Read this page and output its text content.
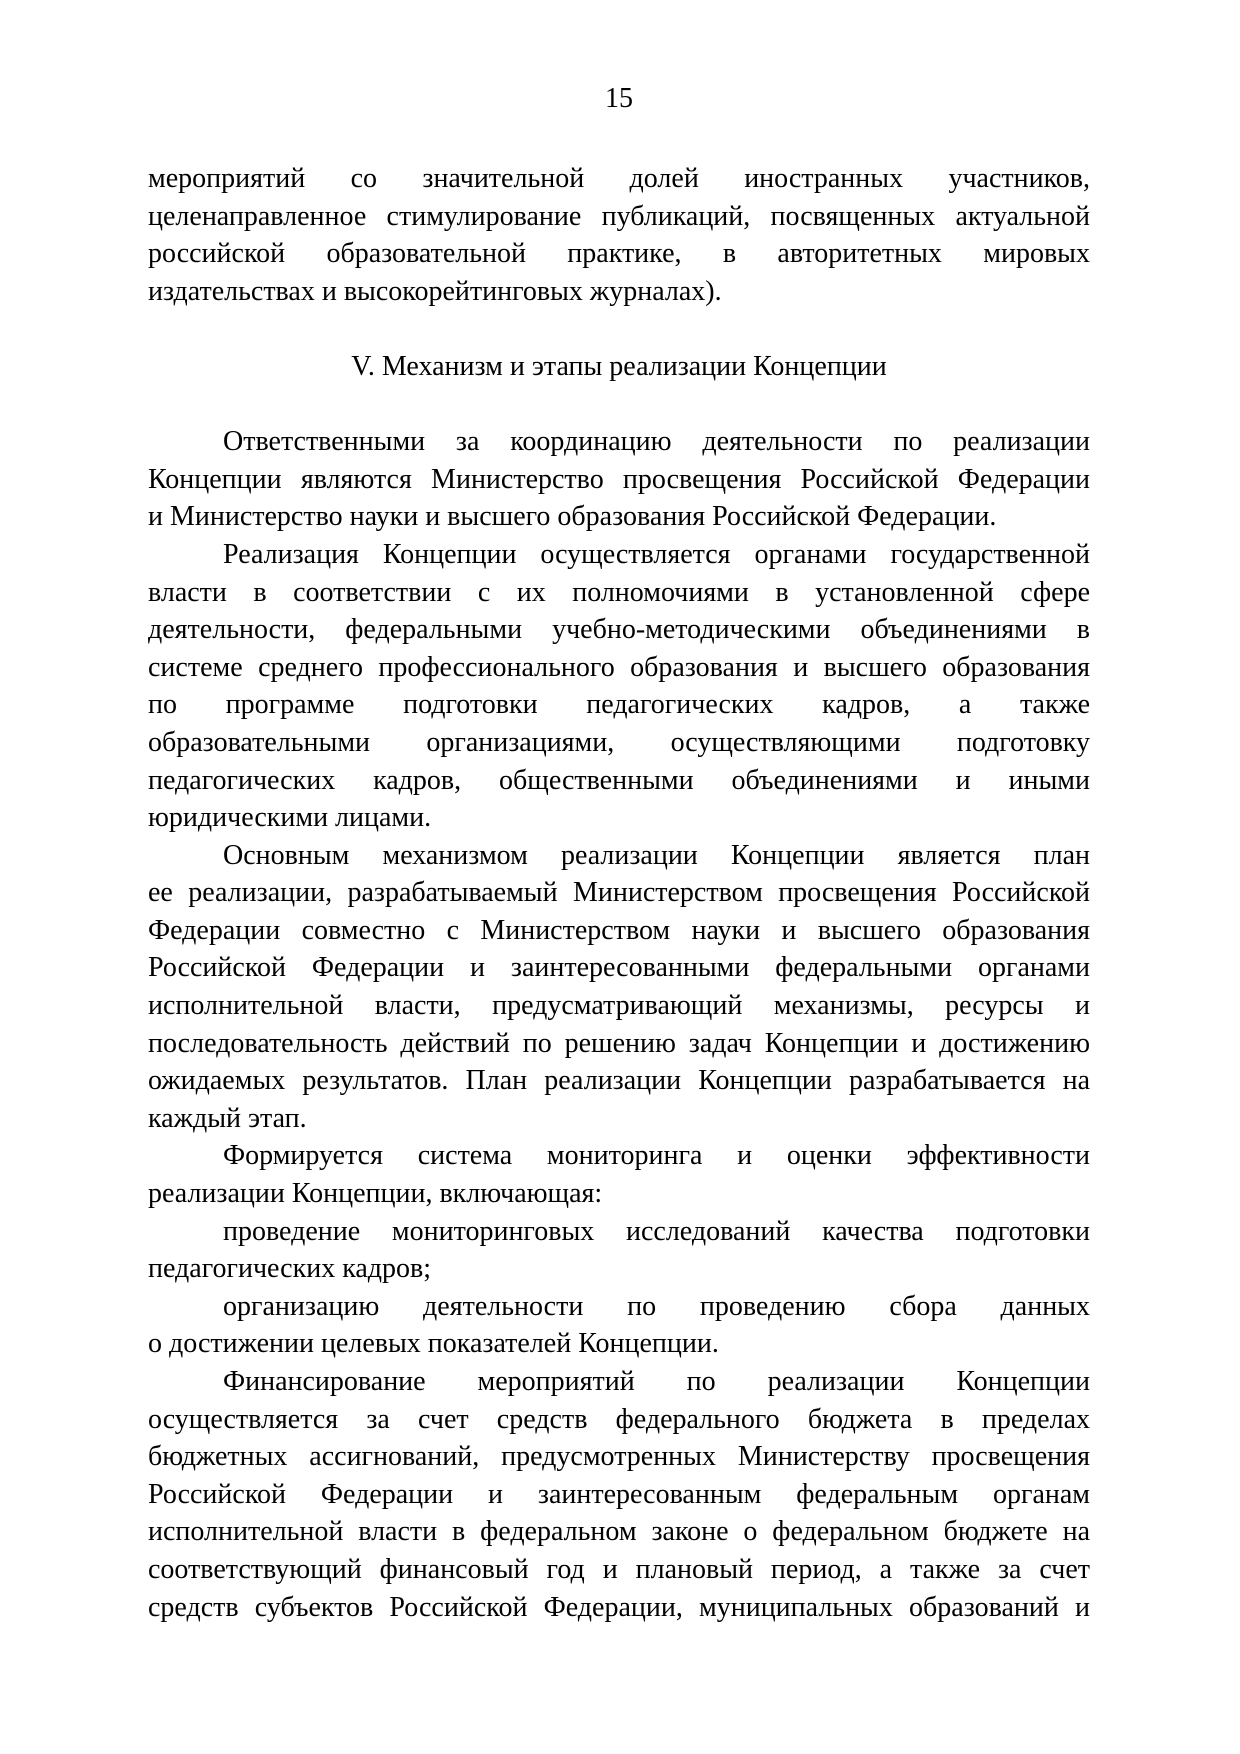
15
мероприятий со значительной долей иностранных участников,
целенаправленное стимулирование публикаций, посвященных актуальной
российской образовательной практике, в авторитетных мировых
издательствах и высокорейтинговых журналах).
V. Механизм и этапы реализации Концепции
Ответственными за координацию деятельности по реализации
Концепции являются Министерство просвещения Российской Федерации
и Министерство науки и высшего образования Российской Федерации.
Реализация Концепции осуществляется органами государственной
власти в соответствии с их полномочиями в установленной сфере
деятельности, федеральными учебно-методическими объединениями в
системе среднего профессионального образования и высшего образования
по программе подготовки педагогических кадров, а также
образовательными организациями, осуществляющими подготовку
педагогических кадров, общественными объединениями и иными
юридическими лицами.
Основным механизмом реализации Концепции является план
ее реализации, разрабатываемый Министерством просвещения Российской
Федерации совместно с Министерством науки и высшего образования
Российской Федерации и заинтересованными федеральными органами
исполнительной власти, предусматривающий механизмы, ресурсы и
последовательность действий по решению задач Концепции и достижению
ожидаемых результатов. План реализации Концепции разрабатывается на
каждый этап.
Формируется система мониторинга и оценки эффективности
реализации Концепции, включающая:
проведение мониторинговых исследований качества подготовки
педагогических кадров;
организацию деятельности по проведению сбора данных
о достижении целевых показателей Концепции.
Финансирование мероприятий по реализации Концепции
осуществляется за счет средств федерального бюджета в пределах
бюджетных ассигнований, предусмотренных Министерству просвещения
Российской Федерации и заинтересованным федеральным органам
исполнительной власти в федеральном законе о федеральном бюджете на
соответствующий финансовый год и плановый период, а также за счет
средств субъектов Российской Федерации, муниципальных образований и
